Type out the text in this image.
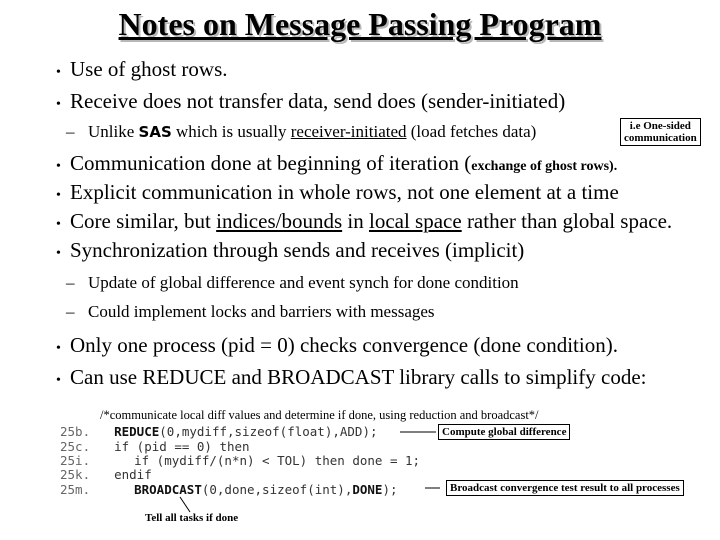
Notes on Message Passing Program
• Use of ghost rows.
• Receive does not transfer data, send does (sender-initiated)
– Unlike SAS which is usually receiver-initiated (load fetches data)	i.e One-sided
communication
• Communication done at beginning of iteration (exchange of ghost rows).
• Explicit communication in whole rows, not one element at a time
• Core similar, but indices/bounds in local space rather than global space.
• Synchronization through sends and receives (implicit)
– Update of global difference and event synch for done condition
– Could implement locks and barriers with messages
• Only one process (pid = 0) checks convergence (done condition).
• Can use REDUCE and BROADCAST library calls to simplify code:
/*communicate local diff values and determine if done, using reduction and broadcast*/
25b. REDUCE(0,mydiff,sizeof(float),ADD);
25c. if (pid == 0) then
25i.	if (mydiff/(n*n) < TOL) then done = 1;
25k. endif
25m.	BROADCAST(0,done,sizeof(int),DONE);
Compute global difference
Broadcast convergence test result to all processes
Tell all tasks if done
